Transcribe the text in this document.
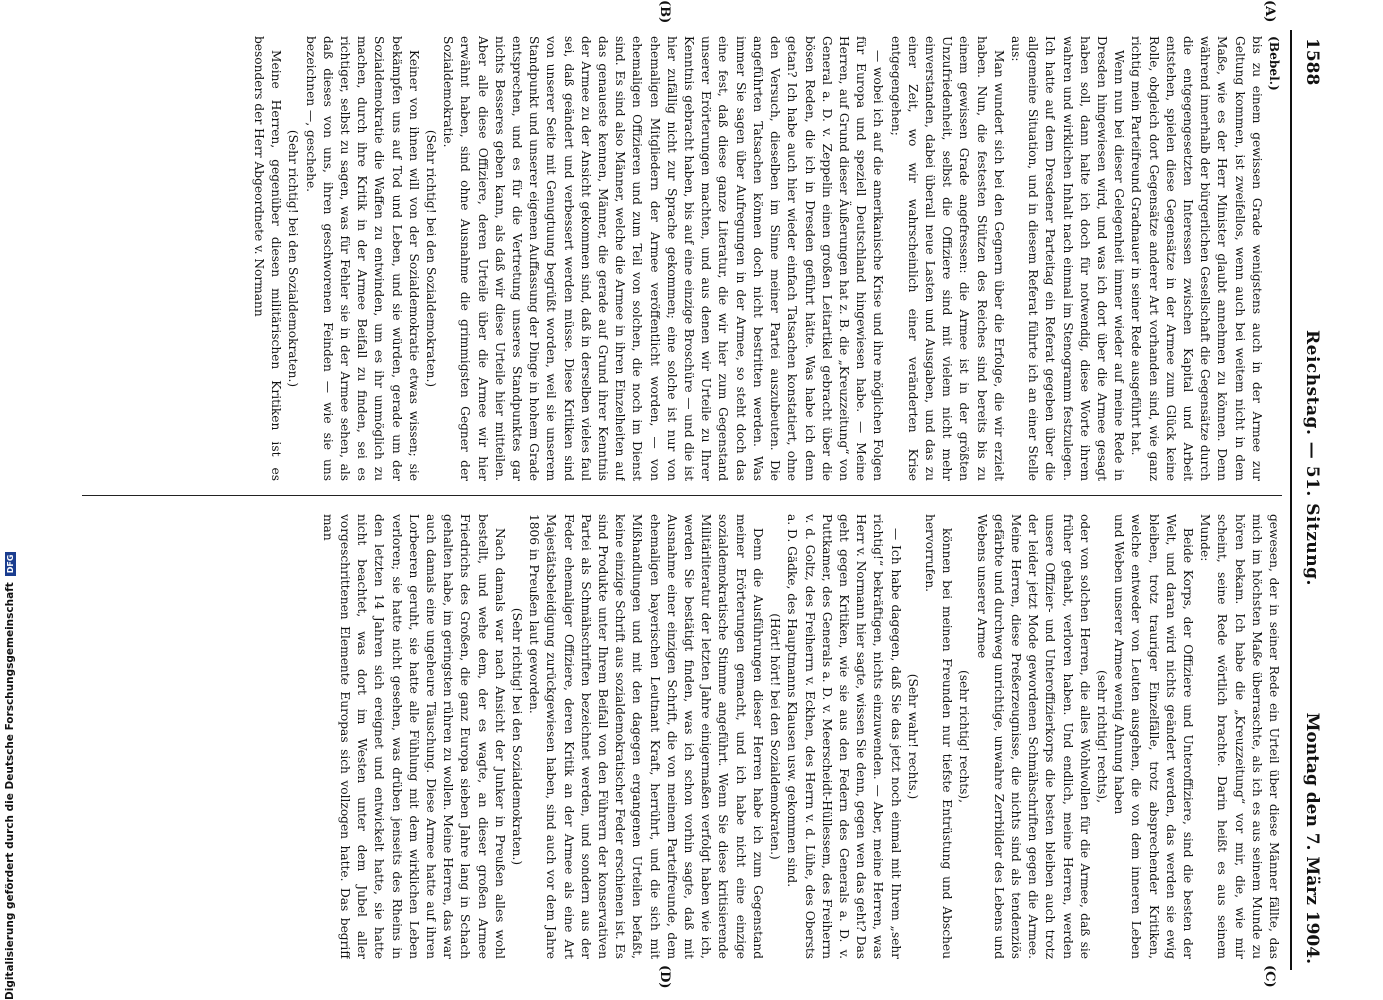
1588
Reichstag. — 51. Sitzung.
Montag den 7. März 1904.
(A)
(B)
(C)
(D)

(Bebel.)

bis zu einem gewissen Grade wenigstens auch in der Armee zur Geltung kommen, ist zweifellos, wenn auch bei weitem nicht in dem Maße, wie es der Herr Minister glaubt annehmen zu können. Denn während innerhalb der bürgerlichen Gesellschaft die Gegensätze durch die entgegengesetzten Interessen zwischen Kapital und Arbeit entstehen, spielen diese Gegensätze in der Armee zum Glück keine Rolle, obgleich dort Gegensätze anderer Art vorhanden sind, wie ganz richtig mein Parteifreund Gradnauer in seiner Rede ausgeführt hat.

Wenn nun bei dieser Gelegenheit immer wieder auf meine Rede in Dresden hingewiesen wird, und was ich dort über die Armee gesagt haben soll, dann halte ich doch für notwendig, diese Worte ihrem wahren und wirklichen Inhalt nach einmal im Stenogramm festzulegen. Ich hatte auf dem Dresdener Parteitag ein Referat gegeben über die allgemeine Situation, und in diesem Referat führte ich an einer Stelle aus:

Man wundert sich bei den Gegnern über die Erfolge, die wir erzielt haben. Nun, die festesten Stützen des Reiches sind bereits bis zu einem gewissen Grade angefressen: die Armee ist in der größten Unzufriedenheit, selbst die Offiziere sind mit vielem nicht mehr einverstanden, dabei überall neue Lasten und Ausgaben, und das zu einer Zeit, wo wir wahrscheinlich einer veränderten Krise entgegengehen;

— wobei ich auf die amerikanische Krise und ihre möglichen Folgen für Europa und speziell Deutschland hingewiesen habe. — Meine Herren, auf Grund dieser Äußerungen hat z. B. die „Kreuzzeitung“ von General a. D. v. Zeppelin einen großen Leitartikel gebracht über die bösen Reden, die ich in Dresden geführt hätte. Was habe ich denn getan? Ich habe auch hier wieder einfach Tatsachen konstatiert, ohne den Versuch, dieselben im Sinne meiner Partei auszubeuten. Die angeführten Tatsachen können doch nicht bestritten werden. Was immer Sie sagen über Aufregungen in der Armee, so steht doch das eine fest, daß diese ganze Literatur, die wir hier zum Gegenstand unserer Erörterungen machten, und aus denen wir Urteile zu Ihrer Kenntnis gebracht haben, bis auf eine einzige Broschüre — und die ist hier zufällig nicht zur Sprache gekommen; eine solche ist nur von ehemaligen Mitgliedern der Armee veröffentlicht worden, — von ehemaligen Offizieren und zum Teil von solchen, die noch im Dienst sind. Es sind also Männer, welche die Armee in ihren Einzelheiten auf das genaueste kennen, Männer, die gerade auf Grund ihrer Kenntnis der Armee zu der Ansicht gekommen sind, daß in derselben vieles faul sei, daß geändert und verbessert werden müsse. Diese Kritiken sind von unserer Seite mit Genugtuung begrüßt worden, weil sie unserem Standpunkt und unserer eigenen Auffassung der Dinge in hohem Grade entsprechen, und es für die Vertretung unseres Standpunktes gar nichts Besseres geben kann, als daß wir diese Urteile hier mitteilen. Aber alle diese Offiziere, deren Urteile über die Armee wir hier erwähnt haben, sind ohne Ausnahme die grimmigsten Gegner der Sozialdemokratie.

(Sehr richtig! bei den Sozialdemokraten.)

Keiner von ihnen will von der Sozialdemokratie etwas wissen; sie bekämpfen uns auf Tod und Leben, und sie würden, gerade um der Sozialdemokratie die Waffen zu entwinden, um es ihr unmöglich zu machen, durch ihre Kritik in der Armee Beifall zu finden, sei es richtiger, selbst zu sagen, was für Fehler sie in der Armee sehen, als daß dieses von uns, ihren geschworenen Feinden — wie sie uns bezeichnen —, geschehe.

(Sehr richtig! bei den Sozialdemokraten.)

Meine Herren, gegenüber diesen militärischen Kritiken ist es besonders der Herr Abgeordnete v. Normann

gewesen, der in seiner Rede ein Urteil über diese Männer fällte, das mich im höchsten Maße überraschte, als ich es aus seinem Munde zu hören bekam. Ich habe die „Kreuzzeitung“ vor mir, die, wie mir scheint, seine Rede wörtlich brachte. Darin heißt es aus seinem Munde:

Beide Korps, der Offiziere und Unteroffiziere, sind die besten der Welt, und daran wird nichts geändert werden, das werden sie ewig bleiben, trotz trauriger Einzelfälle, trotz absprechender Kritiken, welche entweder von Leuten ausgehen, die von dem inneren Leben und Weben unserer Armee wenig Ahnung haben

(sehr richtig! rechts),

oder von solchen Herren, die alles Wohlwollen für die Armee, daß sie früher gehabt, verloren haben. Und endlich, meine Herren, werden unsere Offizier- und Unteroffizierkorps die besten bleiben auch trotz der leider jetzt Mode gewordenen Schmähschriften gegen die Armee. Meine Herren, diese Preßerzeugnisse, die nichts sind als tendenziös gefärbte und durchweg unrichtige, unwahre Zerrbilder des Lebens und Webens unserer Armee

(sehr richtig! rechts),

können bei meinen Freunden nur tiefste Entrüstung und Abscheu hervorrufen.

(Sehr wahr! rechts.)

— Ich habe dagegen, daß Sie das jetzt noch einmal mit Ihrem „sehr richtig!“ bekräftigen, nichts einzuwenden. — Aber, meine Herren, was Herr v. Normann hier sagte, wissen Sie denn, gegen wen das geht? Das geht gegen Kritiken, wie sie aus den Federn des Generals a. D. v. Puttkamer, des Generals a. D. v. Meerscheidt-Hüllessem, des Freiherrn v. d. Goltz, des Freiherrn v. Eckhen, des Herrn v. d. Lühe, des Obersts a. D. Gädke, des Hauptmanns Klausen usw. gekommen sind.

(Hört! hört! bei den Sozialdemokraten.)

Denn die Ausführungen dieser Herren habe ich zum Gegenstand meiner Erörterungen gemacht, und ich habe nicht eine einzige sozialdemokratische Stimme angeführt. Wenn Sie diese kritisierende Militärliteratur der letzten Jahre einigermaßen verfolgt haben wie ich, werden Sie bestätigt finden, was ich schon vorhin sagte, daß mit Ausnahme einer einzigen Schrift, die von meinem Parteifreunde, dem ehemaligen bayerischen Leutnant Kraft, herrührt, und die sich mit Mißhandlungen und mit den dagegen ergangenen Urteilen befaßt, keine einzige Schrift aus sozialdemokratischer Feder erschienen ist. Es sind Produkte unter Ihrem Beifall von den Führern der konservativen Partei als Schmähschriften bezeichnet werden, und sondern aus der Feder ehemaliger Offiziere, deren Kritik an der Armee als eine Art Majestätsbeleidigung zurückgewiesen haben, sind auch vor dem Jahre 1806 in Preußen laut geworden.

(Sehr richtig! bei den Sozialdemokraten.)

Nach damals war nach Ansicht der Junker in Preußen alles wohl bestellt, und wehe dem, der es wagte, an dieser großen Armee Friedrichs des Großen, die ganz Europa sieben Jahre lang in Schach gehalten habe, im geringsten rühren zu wollen. Meine Herren, das war auch damals eine ungeheure Täuschung. Diese Armee hatte auf ihren Lorbeeren geruht, sie hatte alle Fühlung mit dem wirklichen Leben verloren; sie hatte nicht gesehen, was drüben jenseits des Rheins in den letzten 14 Jahren sich ereignet und entwickelt hatte, sie hatte nicht beachtet, was dort im Westen unter dem Jubel aller vorgeschrittenen Elemente Europas sich vollzogen hatte. Das begriff man

Digitalisierung gefördert durch die Deutsche ForschungsgemeinschaftDFG
